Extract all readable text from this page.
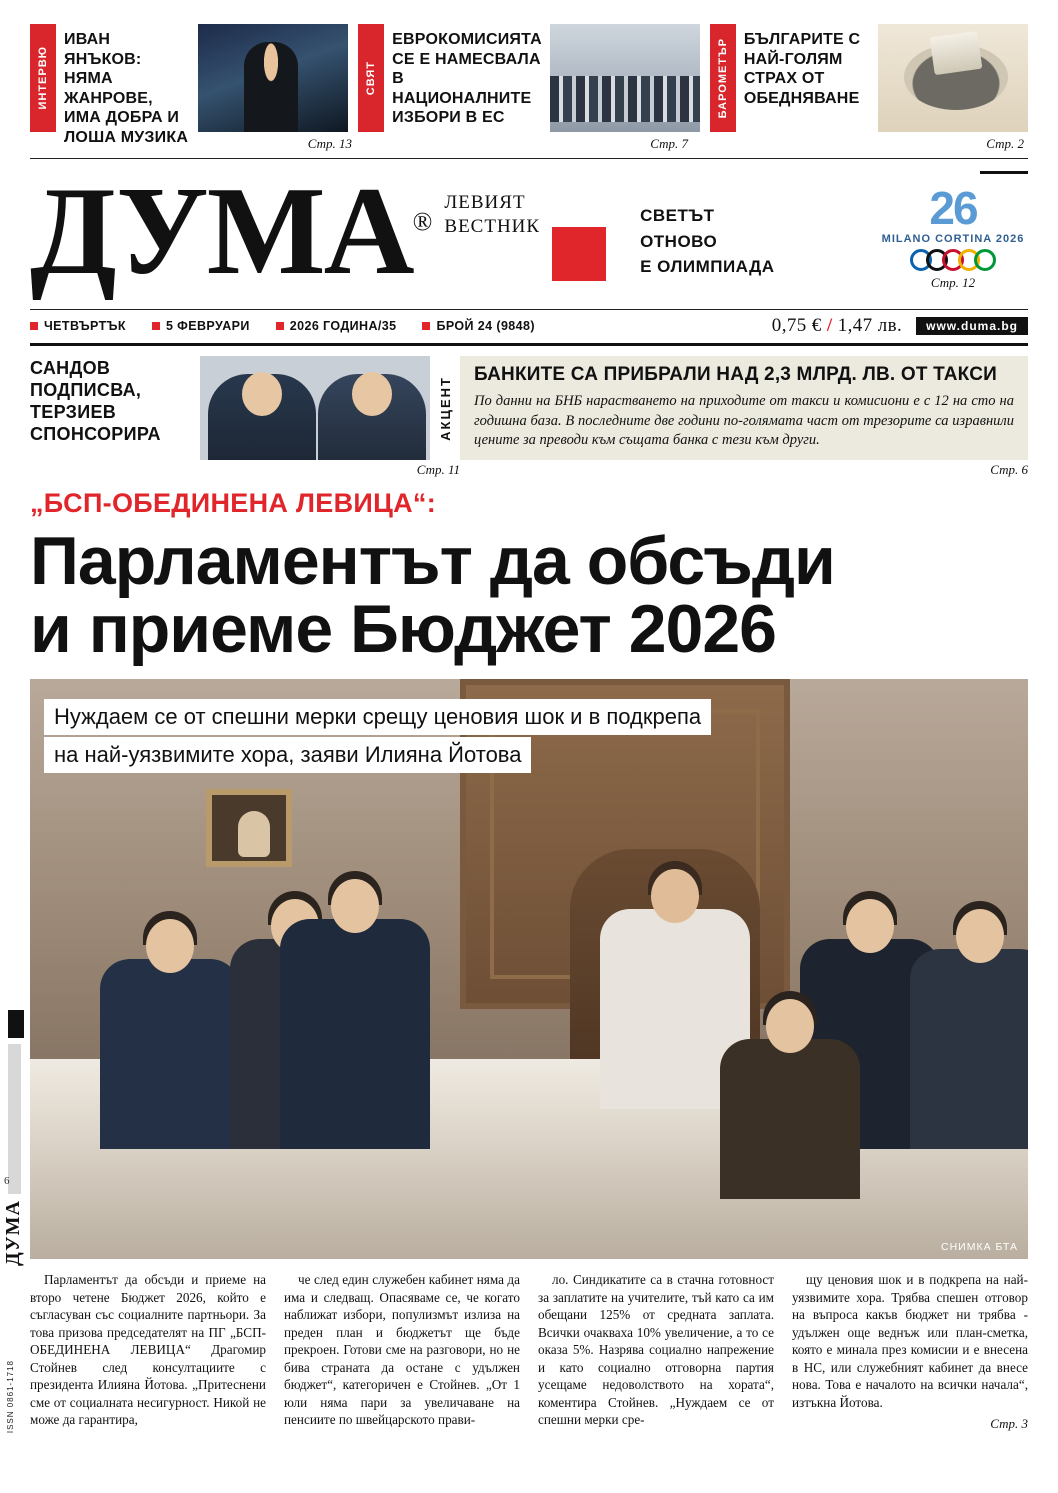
6
ДУМА
ISSN 0861-1718
ИНТЕРВЮ
ИВАН ЯНЪКОВ: НЯМА ЖАНРОВЕ, ИМА ДОБРА И ЛОША МУЗИКА
СВЯТ
ЕВРОКОМИСИЯТА СЕ Е НАМЕСВАЛА В НАЦИОНАЛНИТЕ ИЗБОРИ В ЕС	БАРОМЕТЪР БЪЛГАРИТЕ С НАЙ-ГОЛЯМ СТРАХ ОТ ОБЕДНЯВАНЕ
Стр. 13	Стр. 7	Стр. 2
ДУМА®
ЛЕВИЯТ
ВЕСТНИК
СВЕТЪТ
ОТНОВО
Е ОЛИМПИАДА
26
MILANO CORTINA 2026
Стр. 12
ЧЕТВЪРТЪК	5 ФЕВРУАРИ	2026 ГОДИНА/35	БРОЙ 24 (9848)	0,75 € / 1,47 лв.	www.duma.bg
САНДОВ ПОДПИСВА, ТЕРЗИЕВ СПОНСОРИРА	АКЦЕНТ
БАНКИТЕ СА ПРИБРАЛИ НАД 2,3 МЛРД. ЛВ. ОТ ТАКСИ

По данни на БНБ нарастването на приходите от такси и комисиони е с 12 на сто на годишна база. В последните две години по-голямата част от трезорите са изравнили цените за преводи към същата банка с тези към други.

Стр. 11	Стр. 6
„БСП-ОБЕДИНЕНА ЛЕВИЦА“:
Парламентът да обсъди
и приеме Бюджет 2026
Нуждаем се от спешни мерки срещу ценовия шок и в подкрепа
на най-уязвимите хора, заяви Илияна Йотова
СНИМКА БТА

Парламентът да обсъди и приеме на второ четене Бюджет 2026, който е съгласуван със социалните партньори. За това призова председателят на ПГ „БСП-ОБЕДИНЕНА ЛЕВИЦА“ Драгомир Стойнев след консултациите с президента Илияна Йотова. „Притеснени сме от социалната несигурност. Никой не може да гарантира,

че след един служебен кабинет няма да има и следващ. Опасяваме се, че когато наближат избори, популизмът излиза на преден план и бюджетът ще бъде прекроен. Готови сме на разговори, но не бива страната да остане с удължен бюджет“, категоричен е Стойнев. „От 1 юли няма пари за увеличаване на пенсиите по швейцарското прави-

ло. Синдикатите са в стачна готовност за заплатите на учителите, тъй като са им обещани 125% от средната заплата. Всички очакваха 10% увеличение, а то се оказа 5%. Назрява социално напрежение и като социално отговорна партия усещаме недоволството на хората“, коментира Стойнев. „Нуждаем се от спешни мерки сре-

щу ценовия шок и в подкрепа на най-уязвимите хора. Трябва спешен отговор на въпроса какъв бюджет ни трябва - удължен още веднъж или план-сметка, която е минала през комисии и е внесена в НС, или служебният кабинет да внесе нова. Това е началото на всички начала“, изтъкна Йотова.

Стр. 3
